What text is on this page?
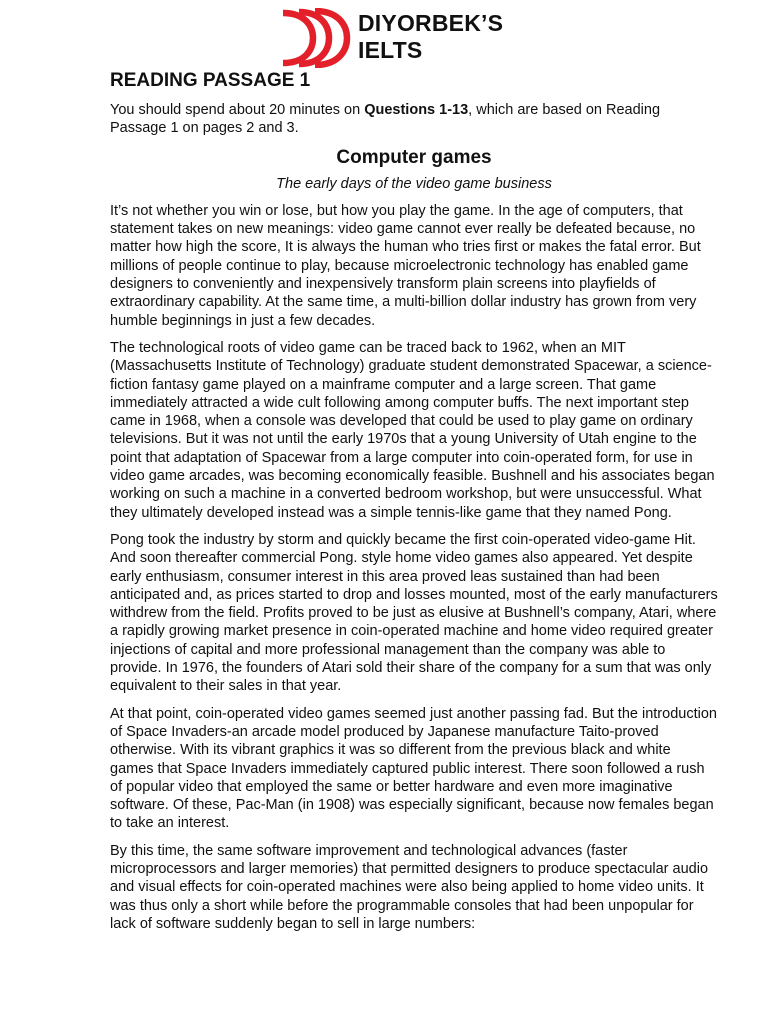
DIYORBEK’S
IELTS
READING PASSAGE 1

You should spend about 20 minutes on Questions 1-13, which are based on Reading Passage 1 on pages 2 and 3.

Computer games

The early days of the video game business

It’s not whether you win or lose, but how you play the game. In the age of computers, that statement takes on new meanings: video game cannot ever really be defeated because, no matter how high the score, It is always the human who tries first or makes the fatal error. But millions of people continue to play, because microelectronic technology has enabled game designers to conveniently and inexpensively transform plain screens into playfields of extraordinary capability. At the same time, a multi-billion dollar industry has grown from very humble beginnings in just a few decades.

The technological roots of video game can be traced back to 1962, when an MIT (Massachusetts Institute of Technology) graduate student demonstrated Spacewar, a science-fiction fantasy game played on a mainframe computer and a large screen. That game immediately attracted a wide cult following among computer buffs. The next important step came in 1968, when a console was developed that could be used to play game on ordinary televisions. But it was not until the early 1970s that a young University of Utah engine to the point that adaptation of Spacewar from a large computer into coin-operated form, for use in video game arcades, was becoming economically feasible. Bushnell and his associates began working on such a machine in a converted bedroom workshop, but were unsuccessful. What they ultimately developed instead was a simple tennis-like game that they named Pong.

Pong took the industry by storm and quickly became the first coin-operated video-game Hit. And soon thereafter commercial Pong. style home video games also appeared. Yet despite early enthusiasm, consumer interest in this area proved leas sustained than had been anticipated and, as prices started to drop and losses mounted, most of the early manufacturers withdrew from the field. Profits proved to be just as elusive at Bushnell’s company, Atari, where a rapidly growing market presence in coin-operated machine and home video required greater injections of capital and more professional management than the company was able to provide. In 1976, the founders of Atari sold their share of the company for a sum that was only equivalent to their sales in that year.

At that point, coin-operated video games seemed just another passing fad. But the introduction of Space Invaders-an arcade model produced by Japanese manufacture Taito-proved otherwise. With its vibrant graphics it was so different from the previous black and white games that Space Invaders immediately captured public interest. There soon followed a rush of popular video that employed the same or better hardware and even more imaginative software. Of these, Pac-Man (in 1908) was especially significant, because now females began to take an interest.

By this time, the same software improvement and technological advances (faster microprocessors and larger memories) that permitted designers to produce spectacular audio and visual effects for coin-operated machines were also being applied to home video units. It was thus only a short while before the programmable consoles that had been unpopular for lack of software suddenly began to sell in large numbers:
